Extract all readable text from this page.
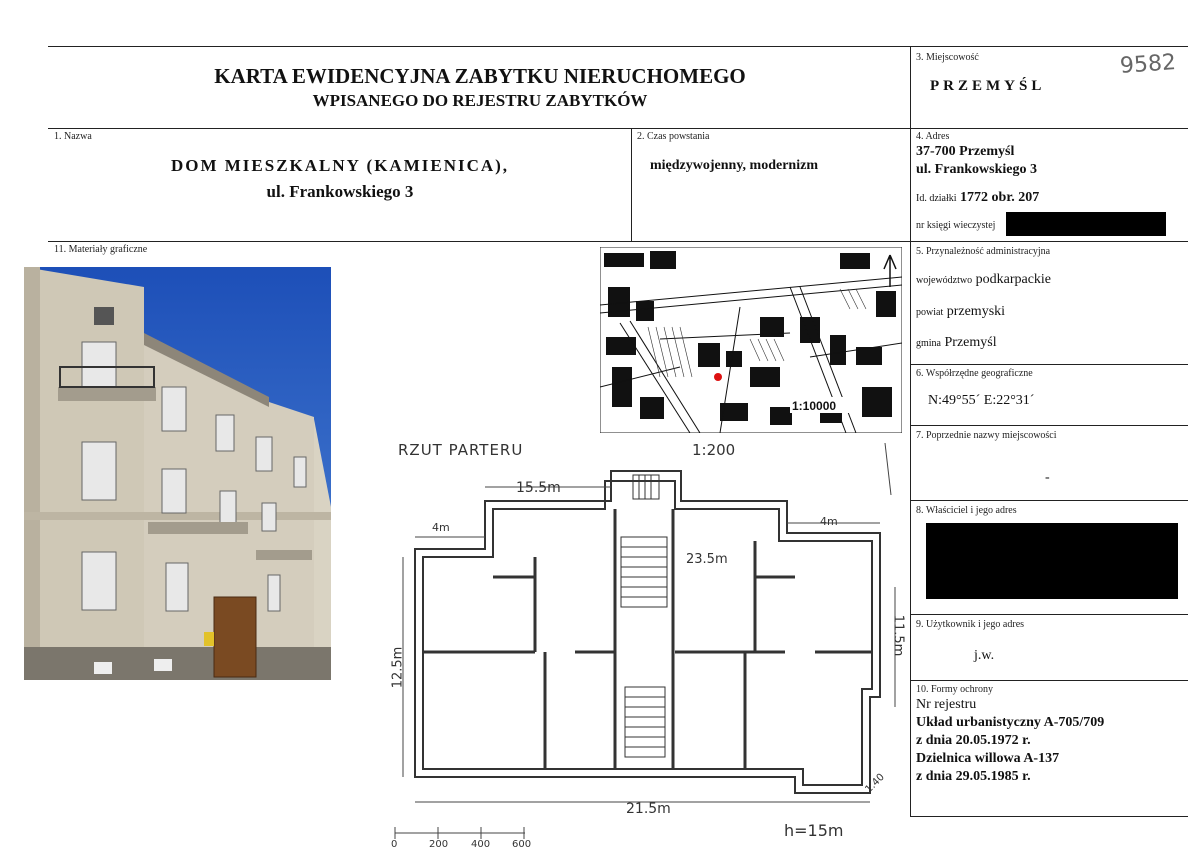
KARTA EWIDENCYJNA ZABYTKU NIERUCHOMEGO
WPISANEGO DO REJESTRU ZABYTKÓW
3. Miejscowość
PRZEMYŚL
9582
1. Nazwa
DOM MIESZKALNY (KAMIENICA),
ul. Frankowskiego 3
2. Czas powstania
międzywojenny, modernizm
4. Adres
37-700 Przemyśl
ul. Frankowskiego 3
Id. działki 1772 obr. 207
nr księgi wieczystej
5. Przynależność administracyjna
województwo podkarpackie
powiat przemyski
gmina Przemyśl
6. Współrzędne geograficzne
N:49°55´ E:22°31´
7. Poprzednie nazwy miejscowości
-
8. Właściciel i jego adres
9. Użytkownik i jego adres
j.w.
10. Formy ochrony
Nr rejestru
Układ urbanistyczny A-705/709
z dnia 20.05.1972 r.
Dzielnica willowa A-137
z dnia 29.05.1985 r.
11. Materiały graficzne
1:10000
RZUT PARTERU	1:200
15.5m
4m	4m
23.5m
12.5m
11.5m
21.5m
1.40
h=15m
0	200 400 600
